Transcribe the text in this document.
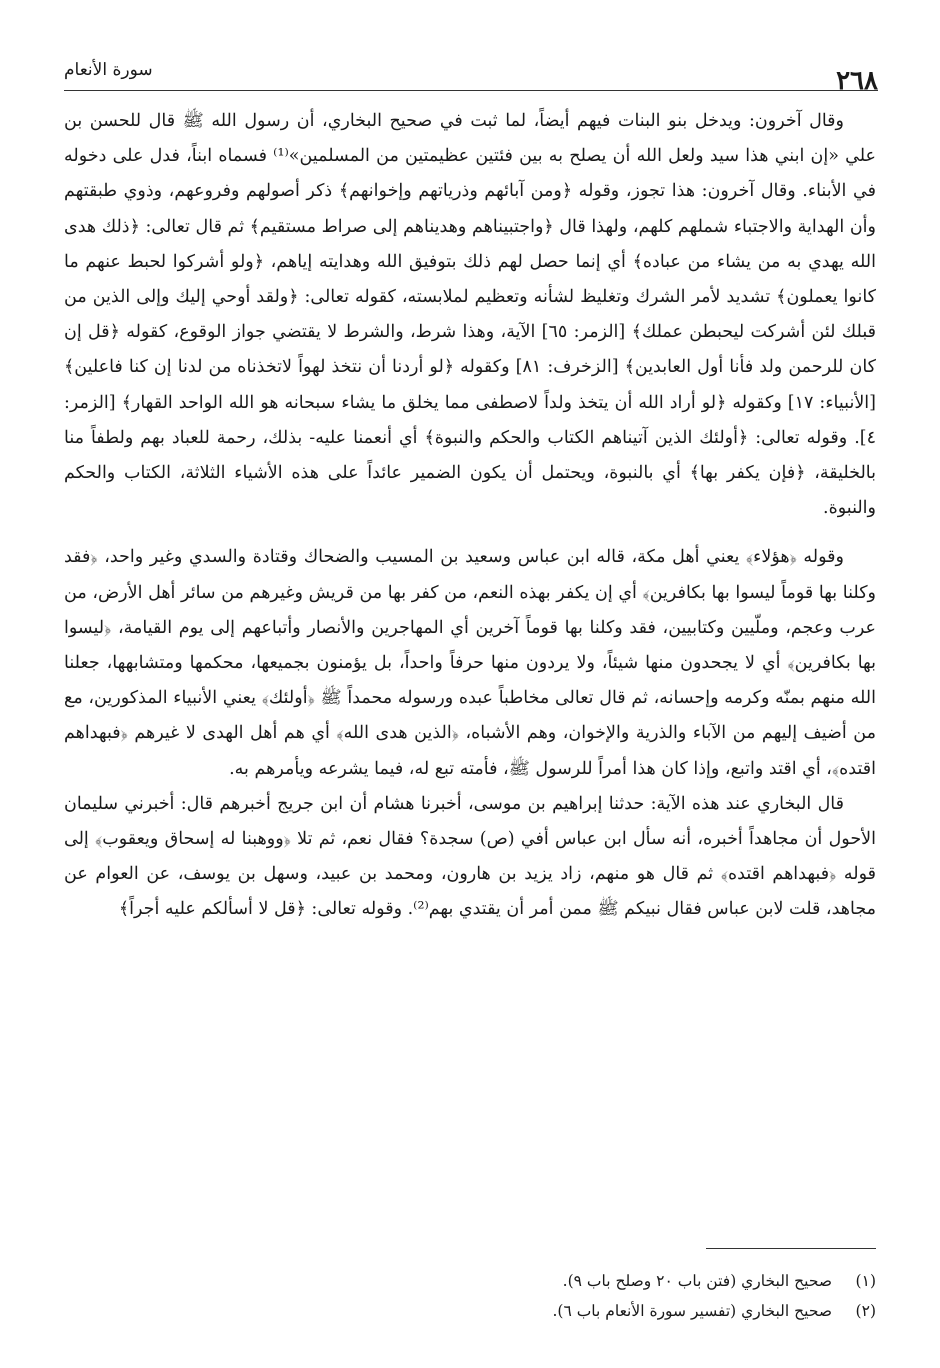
٢٦٨
سورة الأنعام

وقال آخرون: ويدخل بنو البنات فيهم أيضاً، لما ثبت في صحيح البخاري، أن رسول الله ﷺ قال للحسن بن علي «إن ابني هذا سيد ولعل الله أن يصلح به بين فئتين عظيمتين من المسلمين»⁽¹⁾ فسماه ابناً، فدل على دخوله في الأبناء. وقال آخرون: هذا تجوز، وقوله ﴿ومن آبائهم وذرياتهم وإخوانهم﴾ ذكر أصولهم وفروعهم، وذوي طبقتهم وأن الهداية والاجتباء شملهم كلهم، ولهذا قال ﴿واجتبيناهم وهديناهم إلى صراط مستقيم﴾ ثم قال تعالى: ﴿ذلك هدى الله يهدي به من يشاء من عباده﴾ أي إنما حصل لهم ذلك بتوفيق الله وهدايته إياهم، ﴿ولو أشركوا لحبط عنهم ما كانوا يعملون﴾ تشديد لأمر الشرك وتغليظ لشأنه وتعظيم لملابسته، كقوله تعالى: ﴿ولقد أوحي إليك وإلى الذين من قبلك لئن أشركت ليحبطن عملك﴾ [الزمر: ٦٥] الآية، وهذا شرط، والشرط لا يقتضي جواز الوقوع، كقوله ﴿قل إن كان للرحمن ولد فأنا أول العابدين﴾ [الزخرف: ٨١] وكقوله ﴿لو أردنا أن نتخذ لهواً لاتخذناه من لدنا إن كنا فاعلين﴾ [الأنبياء: ١٧] وكقوله ﴿لو أراد الله أن يتخذ ولداً لاصطفى مما يخلق ما يشاء سبحانه هو الله الواحد القهار﴾ [الزمر: ٤]. وقوله تعالى: ﴿أولئك الذين آتيناهم الكتاب والحكم والنبوة﴾ أي أنعمنا عليه- بذلك، رحمة للعباد بهم ولطفاً منا بالخليقة، ﴿فإن يكفر بها﴾ أي بالنبوة، ويحتمل أن يكون الضمير عائداً على هذه الأشياء الثلاثة، الكتاب والحكم والنبوة.

وقوله ﴿هؤلاء﴾ يعني أهل مكة، قاله ابن عباس وسعيد بن المسيب والضحاك وقتادة والسدي وغير واحد، ﴿فقد وكلنا بها قوماً ليسوا بها بكافرين﴾ أي إن يكفر بهذه النعم، من كفر بها من قريش وغيرهم من سائر أهل الأرض، من عرب وعجم، وملّيين وكتابيين، فقد وكلنا بها قوماً آخرين أي المهاجرين والأنصار وأتباعهم إلى يوم القيامة، ﴿ليسوا بها بكافرين﴾ أي لا يجحدون منها شيئاً، ولا يردون منها حرفاً واحداً، بل يؤمنون بجميعها، محكمها ومتشابهها، جعلنا الله منهم بمنّه وكرمه وإحسانه، ثم قال تعالى مخاطباً عبده ورسوله محمداً ﷺ ﴿أولئك﴾ يعني الأنبياء المذكورين، مع من أضيف إليهم من الآباء والذرية والإخوان، وهم الأشباه، ﴿الذين هدى الله﴾ أي هم أهل الهدى لا غيرهم ﴿فبهداهم اقتده﴾، أي اقتد واتبع، وإذا كان هذا أمراً للرسول ﷺ، فأمته تبع له، فيما يشرعه ويأمرهم به.

قال البخاري عند هذه الآية: حدثنا إبراهيم بن موسى، أخبرنا هشام أن ابن جريج أخبرهم قال: أخبرني سليمان الأحول أن مجاهداً أخبره، أنه سأل ابن عباس أفي (ص) سجدة؟ فقال نعم، ثم تلا ﴿ووهبنا له إسحاق ويعقوب﴾ إلى قوله ﴿فبهداهم اقتده﴾ ثم قال هو منهم، زاد يزيد بن هارون، ومحمد بن عبيد، وسهل بن يوسف، عن العوام عن مجاهد، قلت لابن عباس فقال نبيكم ﷺ ممن أمر أن يقتدي بهم⁽²⁾. وقوله تعالى: ﴿قل لا أسألكم عليه أجراً﴾

(١)
صحيح البخاري (فتن باب ٢٠ وصلح باب ٩).
(٢)
صحيح البخاري (تفسير سورة الأنعام باب ٦).
